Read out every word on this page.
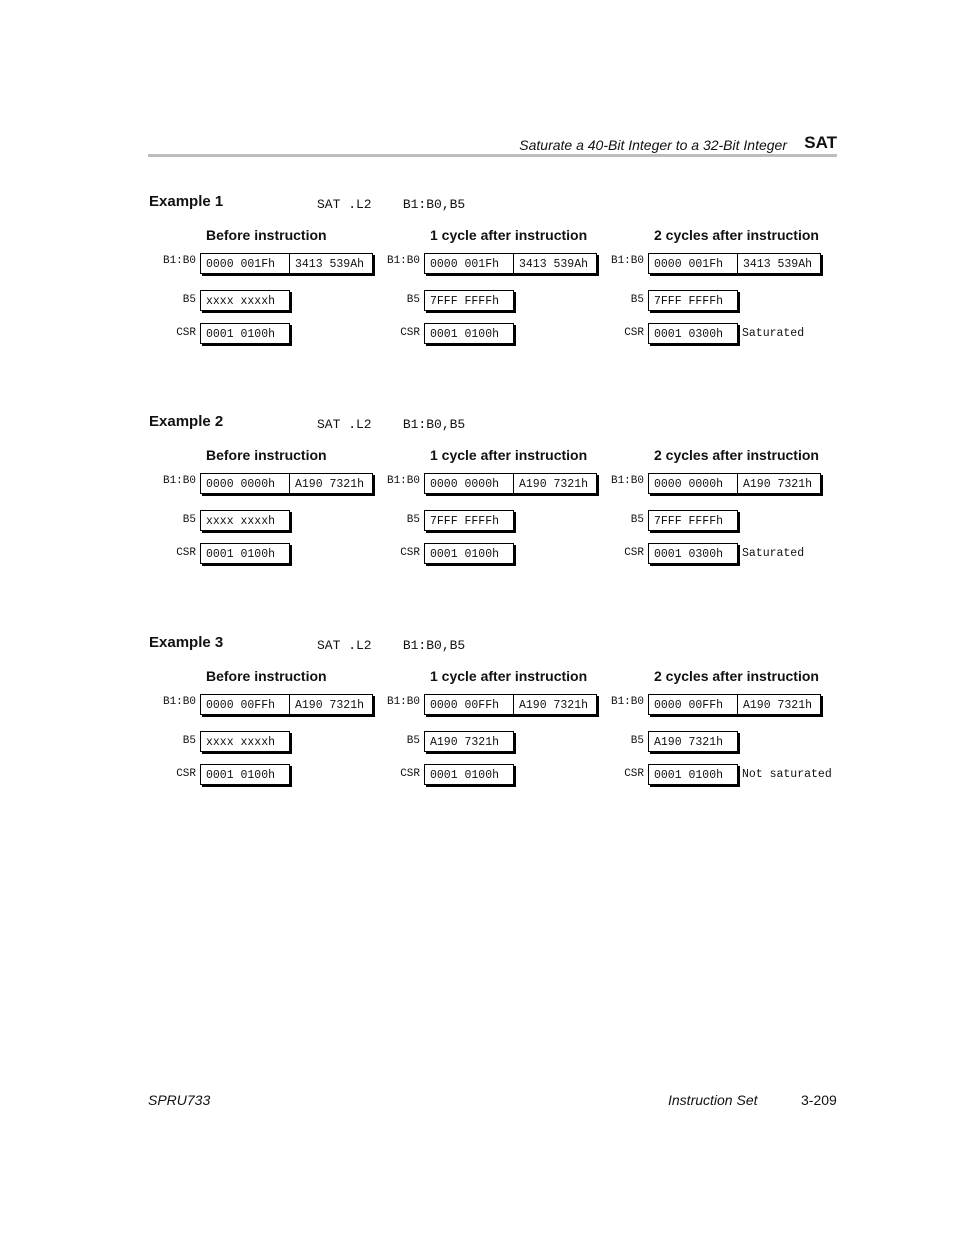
Saturate a 40-Bit Integer to a 32-Bit Integer SAT
Example 1	SAT .L2    B1:B0,B5
Before instruction
B1:B0 0000 001Fh	3413 539Ah
B5 xxxx xxxxh
CSR 0001 0100h
1 cycle after instruction
B1:B0 0000 001Fh	3413 539Ah
B5 7FFF FFFFh
CSR 0001 0100h
2 cycles after instruction
B1:B0 0000 001Fh	3413 539Ah
B5 7FFF FFFFh
CSR 0001 0300h	Saturated
Example 2	SAT .L2    B1:B0,B5
Before instruction
B1:B0 0000 0000h	A190 7321h
B5 xxxx xxxxh
CSR 0001 0100h
1 cycle after instruction
B1:B0 0000 0000h	A190 7321h
B5 7FFF FFFFh
CSR 0001 0100h
2 cycles after instruction
B1:B0 0000 0000h	A190 7321h
B5 7FFF FFFFh
CSR 0001 0300h	Saturated
Example 3	SAT .L2    B1:B0,B5
Before instruction
B1:B0 0000 00FFh	A190 7321h
B5 xxxx xxxxh
CSR 0001 0100h
1 cycle after instruction
B1:B0 0000 00FFh	A190 7321h
B5 A190 7321h
CSR 0001 0100h
2 cycles after instruction
B1:B0 0000 00FFh	A190 7321h
B5 A190 7321h
CSR 0001 0100h	Not saturated
SPRU733	Instruction Set	3-209
